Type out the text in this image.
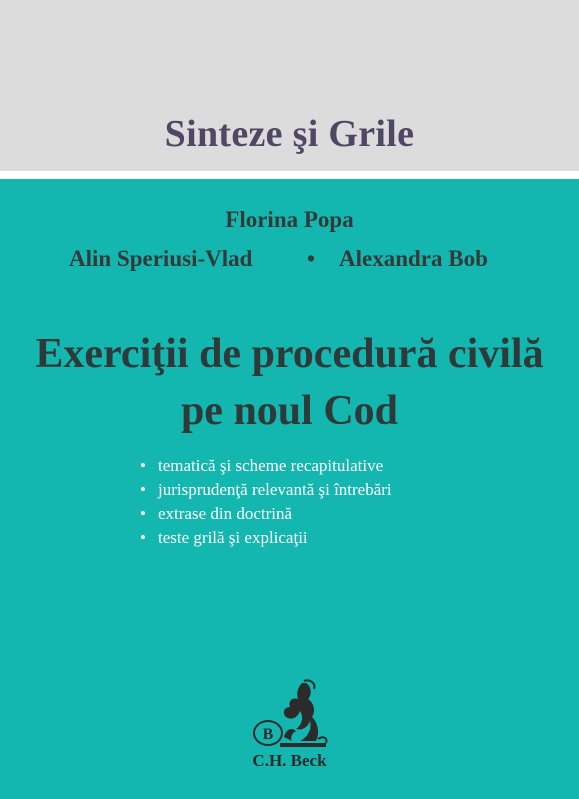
Sinteze şi Grile
Florina Popa
Alin Speriusi-Vlad • Alexandra Bob
Exerciţii de procedură civilă
pe noul Cod
• tematică şi scheme recapitulative
• jurisprudenţă relevantă şi întrebări
• extrase din doctrină
• teste grilă şi explicaţii
B
C.H. Beck
